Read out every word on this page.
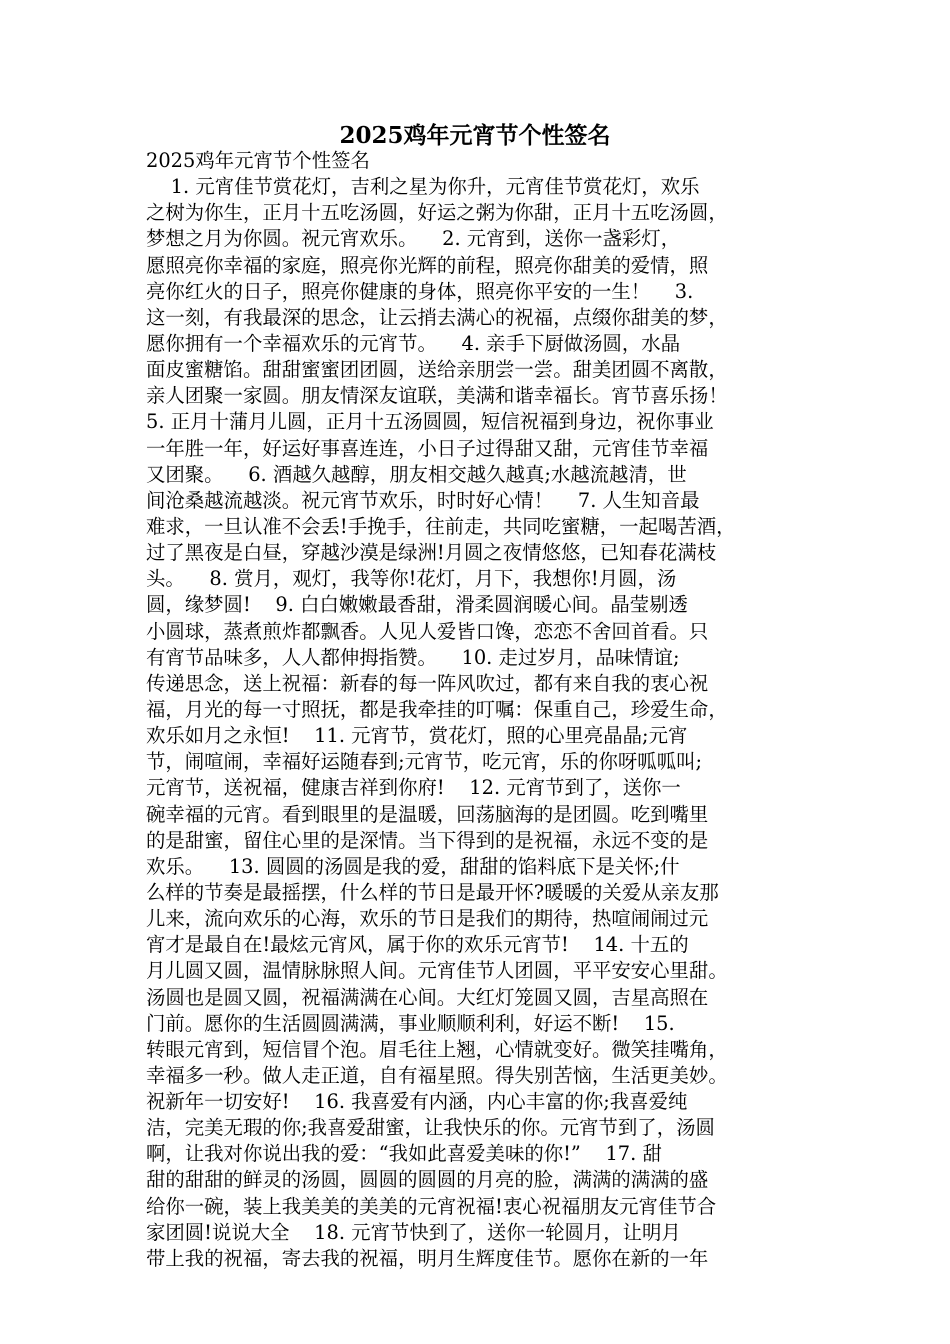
2025鸡年元宵节个性签名
2025鸡年元宵节个性签名
1. 元宵佳节赏花灯，吉利之星为你升，元宵佳节赏花灯，欢乐
之树为你生，正月十五吃汤圆，好运之粥为你甜，正月十五吃汤圆，
梦想之月为你圆。祝元宵欢乐。    2. 元宵到，送你一盏彩灯，
愿照亮你幸福的家庭，照亮你光辉的前程，照亮你甜美的爱情，照
亮你红火的日子，照亮你健康的身体，照亮你平安的一生！    3.
这一刻，有我最深的思念，让云捎去满心的祝福，点缀你甜美的梦，
愿你拥有一个幸福欢乐的元宵节。    4. 亲手下厨做汤圆，水晶
面皮蜜糖馅。甜甜蜜蜜团团圆，送给亲朋尝一尝。甜美团圆不离散，
亲人团聚一家圆。朋友情深友谊联，美满和谐幸福长。宵节喜乐扬！
5. 正月十蒲月儿圆，正月十五汤圆圆，短信祝福到身边，祝你事业
一年胜一年，好运好事喜连连，小日子过得甜又甜，元宵佳节幸福
又团聚。    6. 酒越久越醇，朋友相交越久越真;水越流越清，世
间沧桑越流越淡。祝元宵节欢乐，时时好心情！    7. 人生知音最
难求，一旦认准不会丢!手挽手，往前走，共同吃蜜糖，一起喝苦酒，
过了黑夜是白昼，穿越沙漠是绿洲!月圆之夜情悠悠，已知春花满枝
头。    8. 赏月，观灯，我等你!花灯，月下，我想你!月圆，汤
圆，缘梦圆!    9. 白白嫩嫩最香甜，滑柔圆润暖心间。晶莹剔透
小圆球，蒸煮煎炸都飘香。人见人爱皆口馋，恋恋不舍回首看。只
有宵节品味多，人人都伸拇指赞。    10. 走过岁月，品味情谊;
传递思念，送上祝福：新春的每一阵风吹过，都有来自我的衷心祝
福，月光的每一寸照抚，都是我牵挂的叮嘱：保重自己，珍爱生命，
欢乐如月之永恒!    11. 元宵节，赏花灯，照的心里亮晶晶;元宵
节，闹喧闹，幸福好运随春到;元宵节，吃元宵，乐的你呀呱呱叫;
元宵节，送祝福，健康吉祥到你府!    12. 元宵节到了，送你一
碗幸福的元宵。看到眼里的是温暖，回荡脑海的是团圆。吃到嘴里
的是甜蜜，留住心里的是深情。当下得到的是祝福，永远不变的是
欢乐。    13. 圆圆的汤圆是我的爱，甜甜的馅料底下是关怀;什
么样的节奏是最摇摆，什么样的节日是最开怀?暖暖的关爱从亲友那
儿来，流向欢乐的心海，欢乐的节日是我们的期待，热喧闹闹过元
宵才是最自在!最炫元宵风，属于你的欢乐元宵节!    14. 十五的
月儿圆又圆，温情脉脉照人间。元宵佳节人团圆，平平安安心里甜。
汤圆也是圆又圆，祝福满满在心间。大红灯笼圆又圆，吉星高照在
门前。愿你的生活圆圆满满，事业顺顺利利，好运不断!    15.
转眼元宵到，短信冒个泡。眉毛往上翘，心情就变好。微笑挂嘴角，
幸福多一秒。做人走正道，自有福星照。得失别苦恼，生活更美妙。
祝新年一切安好!    16. 我喜爱有内涵，内心丰富的你;我喜爱纯
洁，完美无瑕的你;我喜爱甜蜜，让我快乐的你。元宵节到了，汤圆
啊，让我对你说出我的爱：“我如此喜爱美味的你!”    17. 甜
甜的甜甜的鲜灵的汤圆，圆圆的圆圆的月亮的脸，满满的满满的盛
给你一碗，装上我美美的美美的元宵祝福!衷心祝福朋友元宵佳节合
家团圆!说说大全    18. 元宵节快到了，送你一轮圆月，让明月
带上我的祝福，寄去我的祝福，明月生辉度佳节。愿你在新的一年
